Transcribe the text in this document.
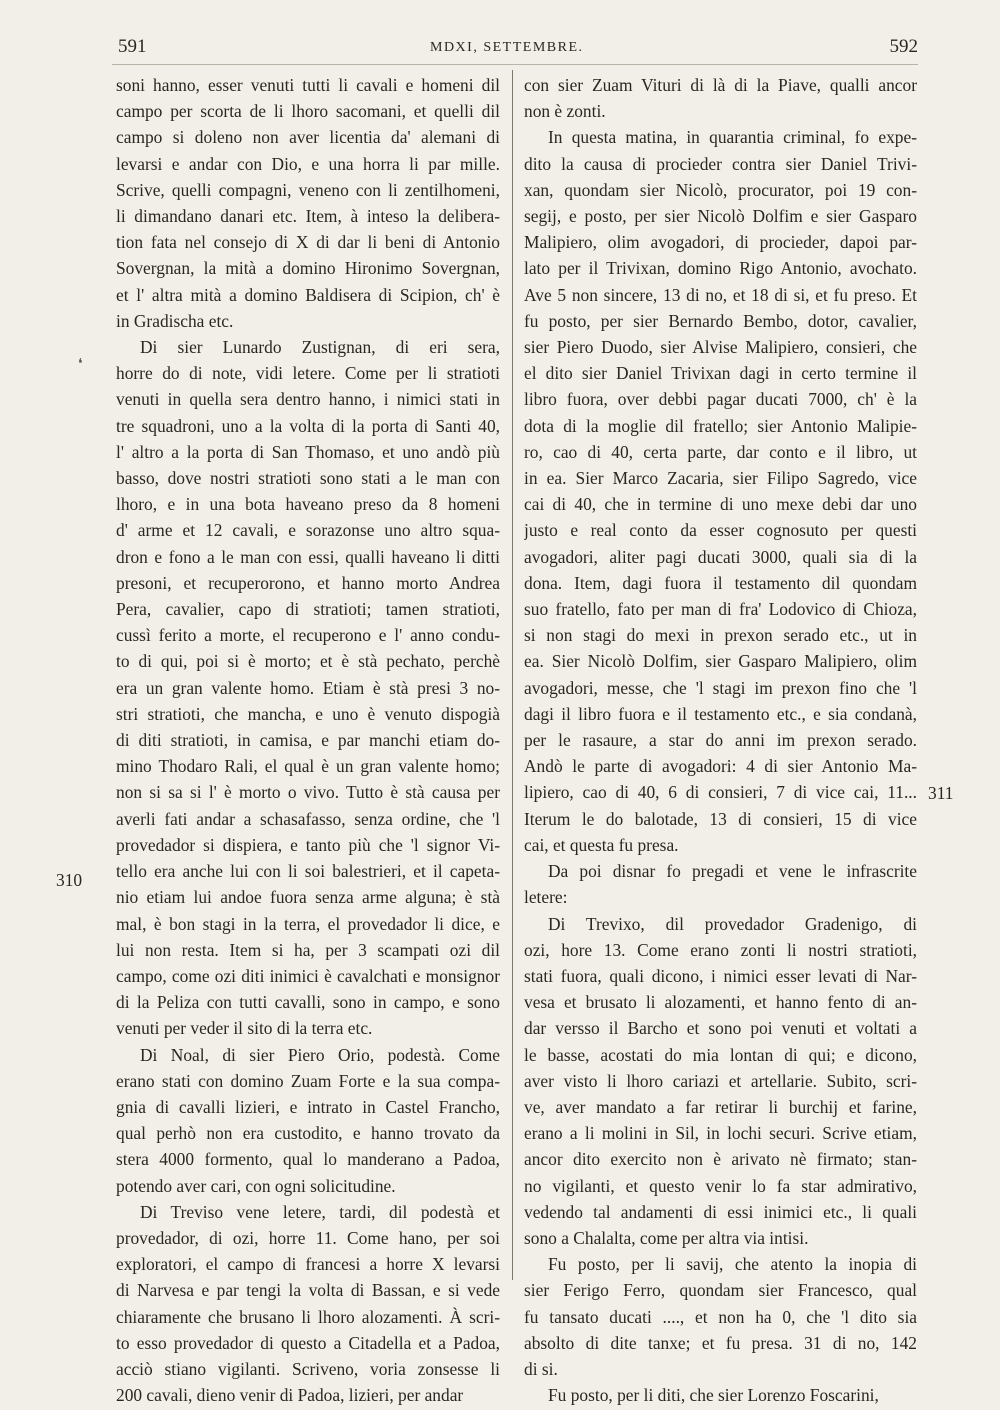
591	MDXI, SETTEMBRE.	592

soni hanno, esser venuti tutti li cavali e homeni dil
campo per scorta de li lhoro sacomani, et quelli dil
campo si doleno non aver licentia da' alemani di
levarsi e andar con Dio, e una horra li par mille.
Scrive, quelli compagni, veneno con li zentilhomeni,
li dimandano danari etc. Item, à inteso la delibera-
tion fata nel consejo di X di dar li beni di Antonio
Sovergnan, la mità a domino Hironimo Sovergnan,
et l' altra mità a domino Baldisera di Scipion, ch' è
in Gradischa etc.

Di sier Lunardo Zustignan, di eri sera,
horre do di note, vidi letere. Come per li stratioti
venuti in quella sera dentro hanno, i nimici stati in
tre squadroni, uno a la volta di la porta di Santi 40,
l' altro a la porta di San Thomaso, et uno andò più
basso, dove nostri stratioti sono stati a le man con
lhoro, e in una bota haveano preso da 8 homeni
d' arme et 12 cavali, e sorazonse uno altro squa-
dron e fono a le man con essi, qualli haveano li ditti
presoni, et recuperorono, et hanno morto Andrea
Pera, cavalier, capo di stratioti; tamen stratioti,
cussì ferito a morte, el recuperono e l' anno condu-
to di qui, poi si è morto; et è stà pechato, perchè
era un gran valente homo. Etiam è stà presi 3 no-
stri stratioti, che mancha, e uno è venuto dispogià
di diti stratioti, in camisa, e par manchi etiam do-
mino Thodaro Rali, el qual è un gran valente homo;
non si sa si l' è morto o vivo. Tutto è stà causa per
averli fati andar a schasafasso, senza ordine, che 'l
provedador si dispiera, e tanto più che 'l signor Vi-
tello era anche lui con li soi balestrieri, et il capeta-
nio etiam lui andoe fuora senza arme alguna; è stà
mal, è bon stagi in la terra, el provedador li dice, e
lui non resta. Item si ha, per 3 scampati ozi dil
campo, come ozi diti inimici è cavalchati e monsignor
di la Peliza con tutti cavalli, sono in campo, e sono
venuti per veder il sito di la terra etc.

Di Noal, di sier Piero Orio, podestà. Come
erano stati con domino Zuam Forte e la sua compa-
gnia di cavalli lizieri, e intrato in Castel Francho,
qual perhò non era custodito, e hanno trovato da
stera 4000 formento, qual lo manderano a Padoa,
potendo aver cari, con ogni solicitudine.

Di Treviso vene letere, tardi, dil podestà et
provedador, di ozi, horre 11. Come hano, per soi
exploratori, el campo di francesi a horre X levarsi
di Narvesa e par tengi la volta di Bassan, e si vede
chiaramente che brusano li lhoro alozamenti. À scri-
to esso provedador di questo a Citadella et a Padoa,
acciò stiano vigilanti. Scriveno, voria zonsesse li
200 cavali, dieno venir di Padoa, lizieri, per andar

con sier Zuam Vituri di là di la Piave, qualli ancor
non è zonti.

In questa matina, in quarantia criminal, fo expe-
dito la causa di procieder contra sier Daniel Trivi-
xan, quondam sier Nicolò, procurator, poi 19 con-
segij, e posto, per sier Nicolò Dolfim e sier Gasparo
Malipiero, olim avogadori, di procieder, dapoi par-
lato per il Trivixan, domino Rigo Antonio, avochato.
Ave 5 non sincere, 13 di no, et 18 di si, et fu preso. Et
fu posto, per sier Bernardo Bembo, dotor, cavalier,
sier Piero Duodo, sier Alvise Malipiero, consieri, che
el dito sier Daniel Trivixan dagi in certo termine il
libro fuora, over debbi pagar ducati 7000, ch' è la
dota di la moglie dil fratello; sier Antonio Malipie-
ro, cao di 40, certa parte, dar conto e il libro, ut
in ea. Sier Marco Zacaria, sier Filipo Sagredo, vice
cai di 40, che in termine di uno mexe debi dar uno
justo e real conto da esser cognosuto per questi
avogadori, aliter pagi ducati 3000, quali sia di la
dona. Item, dagi fuora il testamento dil quondam
suo fratello, fato per man di fra' Lodovico di Chioza,
si non stagi do mexi in prexon serado etc., ut in
ea. Sier Nicolò Dolfim, sier Gasparo Malipiero, olim
avogadori, messe, che 'l stagi im prexon fino che 'l
dagi il libro fuora e il testamento etc., e sia condanà,
per le rasaure, a star do anni im prexon serado.
Andò le parte di avogadori: 4 di sier Antonio Ma-
lipiero, cao di 40, 6 di consieri, 7 di vice cai, 11...
Iterum le do balotade, 13 di consieri, 15 di vice
cai, et questa fu presa.

Da poi disnar fo pregadi et vene le infrascrite
letere:

Di Trevixo, dil provedador Gradenigo, di
ozi, hore 13. Come erano zonti li nostri stratioti,
stati fuora, quali dicono, i nimici esser levati di Nar-
vesa et brusato li alozamenti, et hanno fento di an-
dar versso il Barcho et sono poi venuti et voltati a
le basse, acostati do mia lontan di qui; e dicono,
aver visto li lhoro cariazi et artellarie. Subito, scri-
ve, aver mandato a far retirar li burchij et farine,
erano a li molini in Sil, in lochi securi. Scrive etiam,
ancor dito exercito non è arivato nè firmato; stan-
no vigilanti, et questo venir lo fa star admirativo,
vedendo tal andamenti di essi inimici etc., li quali
sono a Chalalta, come per altra via intisi.

Fu posto, per li savij, che atento la inopia di
sier Ferigo Ferro, quondam sier Francesco, qual
fu tansato ducati ...., et non ha 0, che 'l dito sia
absolto di dite tanxe; et fu presa. 31 di no, 142
di si.

Fu posto, per li diti, che sier Lorenzo Foscarini,

❛
310
311
